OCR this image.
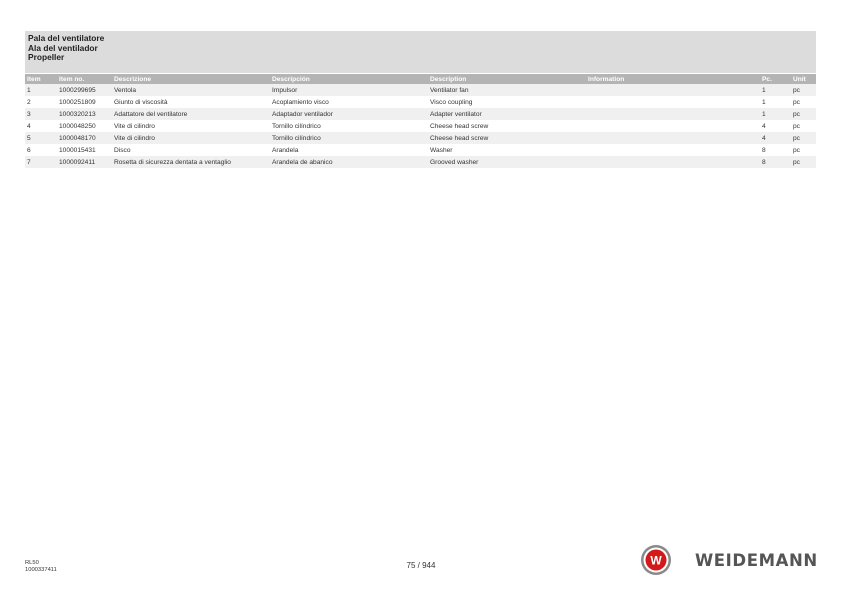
Pala del ventilatore
Ala del ventilador
Propeller
Item	Item no.	Descrizione	Descripción	Description	Information	Pc.	Unit
1	1000299695	Ventola	Impulsor	Ventilator fan		1	pc
2	1000251809	Giunto di viscosità	Acoplamiento visco	Visco coupling		1	pc
3	1000320213	Adattatore del ventilatore	Adaptador ventilador	Adapter ventilator		1	pc
4	1000048250	Vite di cilindro	Tornillo cilíndrico	Cheese head screw		4	pc
5	1000048170	Vite di cilindro	Tornillo cilíndrico	Cheese head screw		4	pc
6	1000015431	Disco	Arandela	Washer		8	pc
7	1000092411	Rosetta di sicurezza dentata a ventaglio	Arandela de abanico	Grooved washer		8	pc
RL50
1000337411	75 / 944	W WEIDEMANN
